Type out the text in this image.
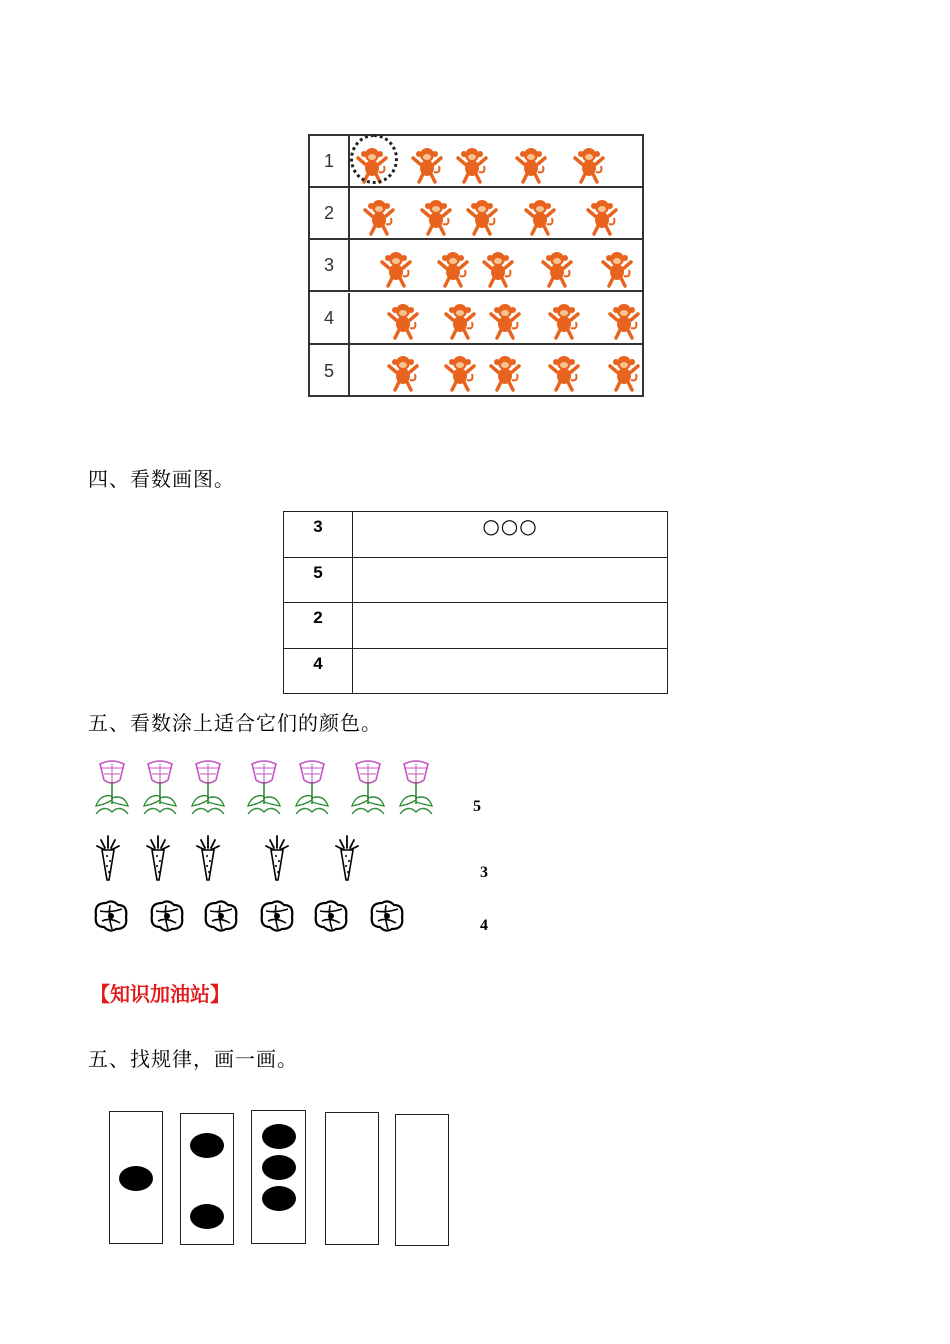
1
2
3
4
5
四、看数画图。
3	○○○
5
2
4
五、看数涂上适合它们的颜色。
5
3
4
【知识加油站】
五、找规律，画一画。
